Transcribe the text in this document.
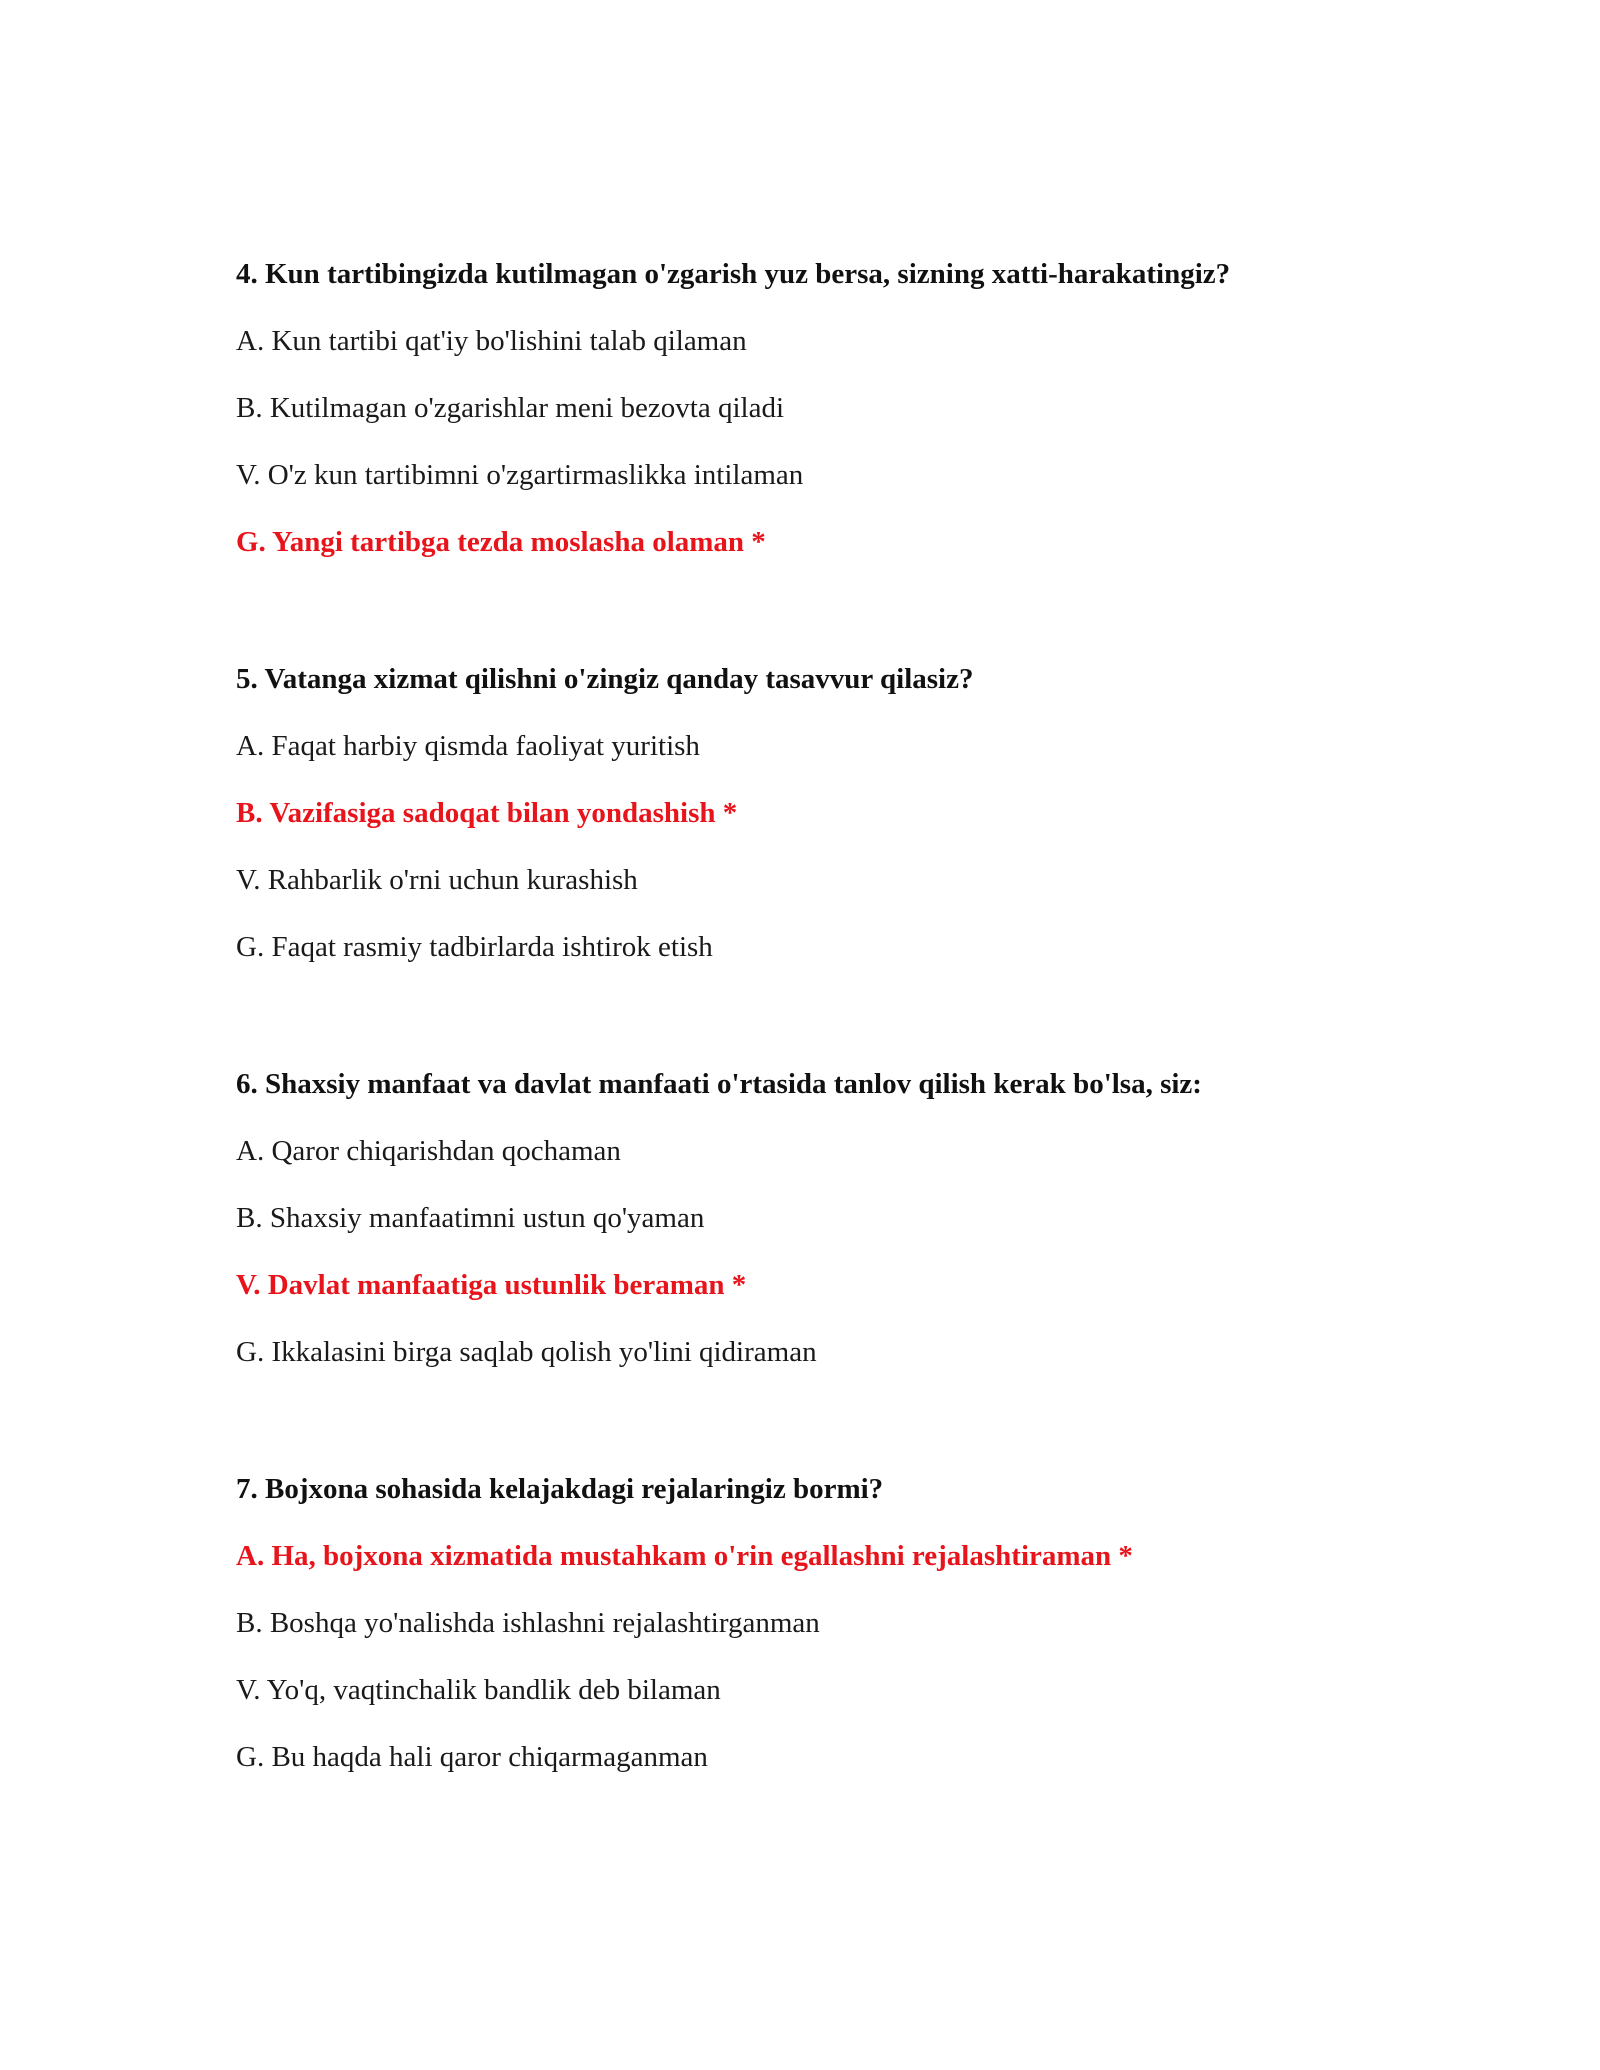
4. Kun tartibingizda kutilmagan o'zgarish yuz bersa, sizning xatti-harakatingiz?
A. Kun tartibi qat'iy bo'lishini talab qilaman
B. Kutilmagan o'zgarishlar meni bezovta qiladi
V. O'z kun tartibimni o'zgartirmaslikka intilaman
G. Yangi tartibga tezda moslasha olaman *
5. Vatanga xizmat qilishni o'zingiz qanday tasavvur qilasiz?
A. Faqat harbiy qismda faoliyat yuritish
B. Vazifasiga sadoqat bilan yondashish *
V. Rahbarlik o'rni uchun kurashish
G. Faqat rasmiy tadbirlarda ishtirok etish
6. Shaxsiy manfaat va davlat manfaati o'rtasida tanlov qilish kerak bo'lsa, siz:
A. Qaror chiqarishdan qochaman
B. Shaxsiy manfaatimni ustun qo'yaman
V. Davlat manfaatiga ustunlik beraman *
G. Ikkalasini birga saqlab qolish yo'lini qidiraman
7. Bojxona sohasida kelajakdagi rejalaringiz bormi?
A. Ha, bojxona xizmatida mustahkam o'rin egallashni rejalashtiraman *
B. Boshqa yo'nalishda ishlashni rejalashtirganman
V. Yo'q, vaqtinchalik bandlik deb bilaman
G. Bu haqda hali qaror chiqarmaganman
